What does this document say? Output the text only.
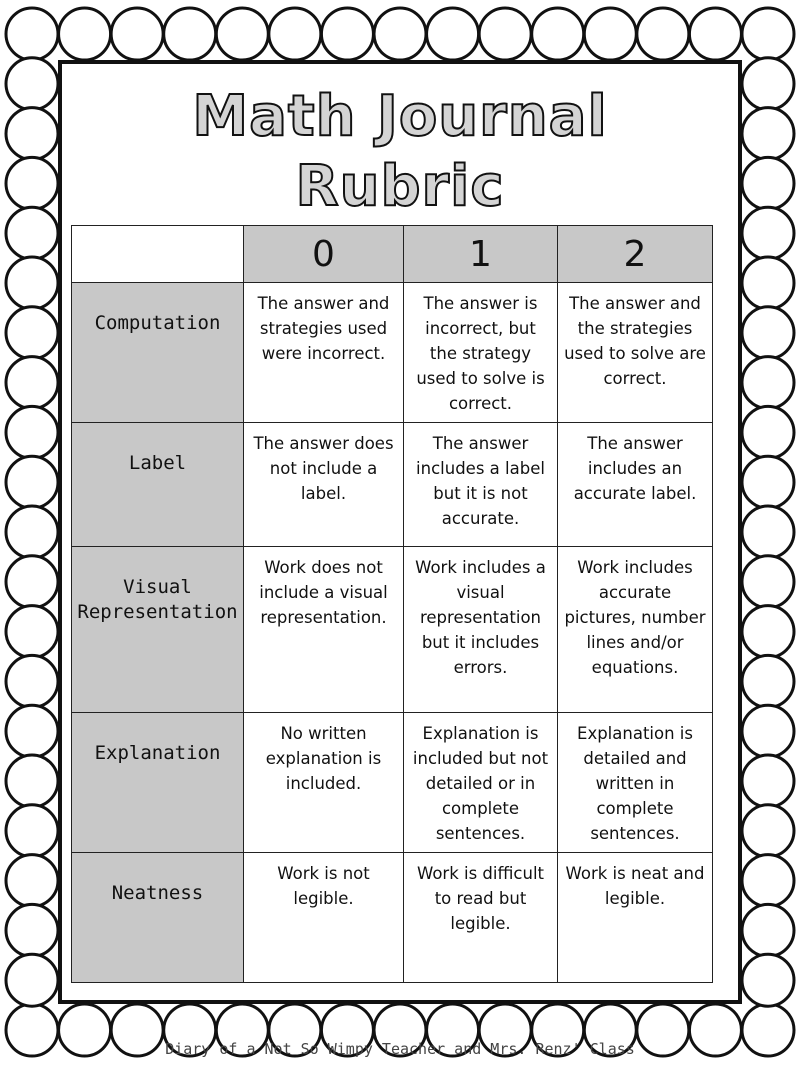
Math Journal
Rubric
	0	1	2

Computation	The answer and strategies used were incorrect.	The answer is incorrect, but the strategy used to solve is correct.	The answer and the strategies used to solve are correct.

Label	The answer does not include a label.	The answer includes a label but it is not accurate.	The answer includes an accurate label.

Visual Representation	Work does not include a visual representation.	Work includes a visual representation but it includes errors.	Work includes accurate pictures, number lines and/or equations.

Explanation	No written explanation is included.	Explanation is included but not detailed or in complete sentences.	Explanation is detailed and written in complete sentences.

Neatness	Work is not legible.	Work is difficult to read but legible.	Work is neat and legible.
Diary of a Not So Wimpy Teacher and Mrs. Renz' Class
